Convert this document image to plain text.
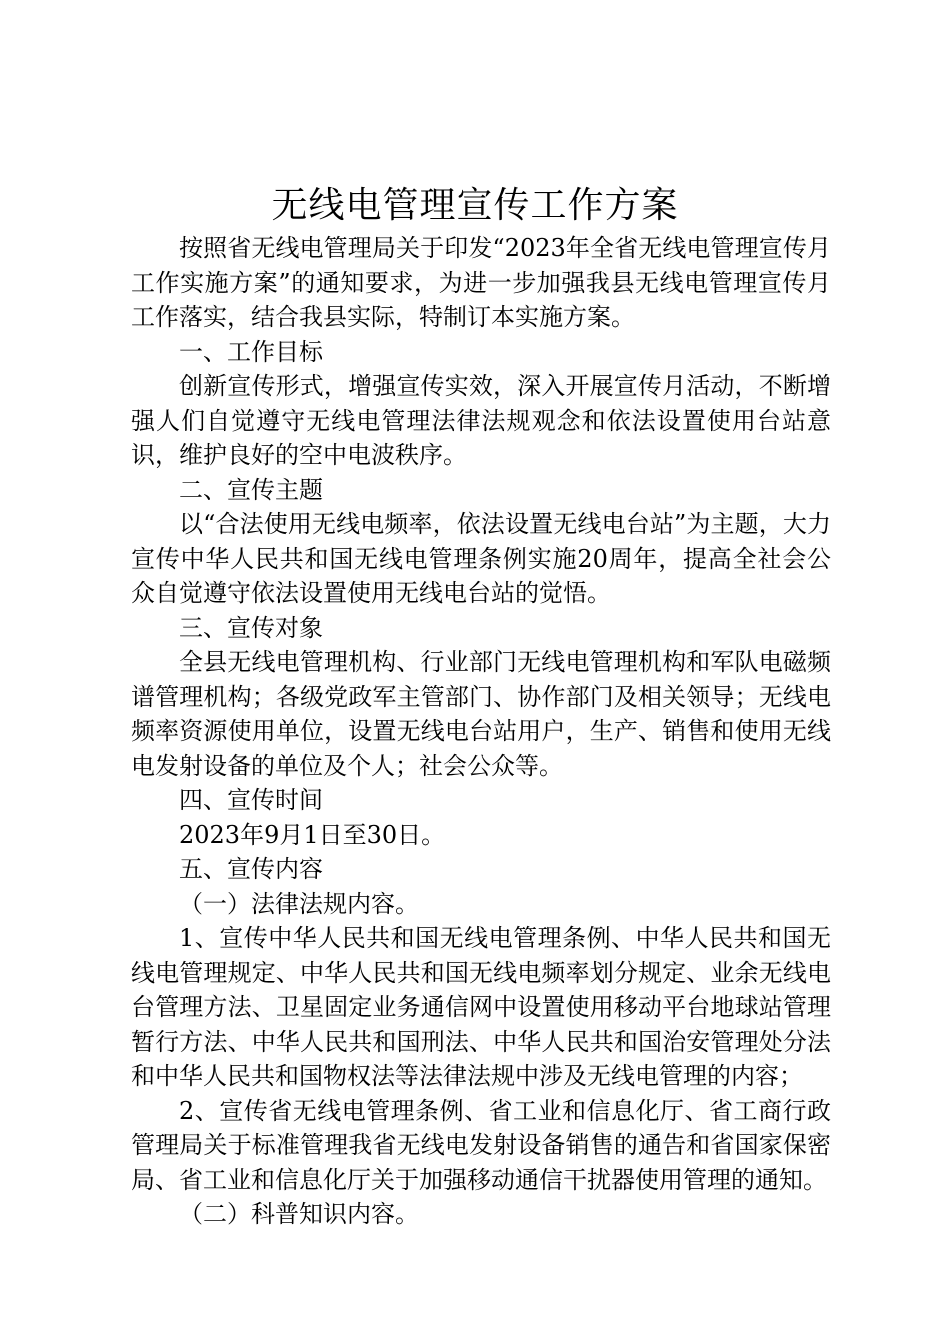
无线电管理宣传工作方案

按照省无线电管理局关于印发“2023年全省无线电管理宣传月工作实施方案”的通知要求，为进一步加强我县无线电管理宣传月工作落实，结合我县实际，特制订本实施方案。

一、工作目标

创新宣传形式，增强宣传实效，深入开展宣传月活动，不断增强人们自觉遵守无线电管理法律法规观念和依法设置使用台站意识，维护良好的空中电波秩序。

二、宣传主题

以“合法使用无线电频率，依法设置无线电台站”为主题，大力宣传中华人民共和国无线电管理条例实施20周年，提高全社会公众自觉遵守依法设置使用无线电台站的觉悟。

三、宣传对象

全县无线电管理机构、行业部门无线电管理机构和军队电磁频谱管理机构；各级党政军主管部门、协作部门及相关领导；无线电频率资源使用单位，设置无线电台站用户，生产、销售和使用无线电发射设备的单位及个人；社会公众等。

四、宣传时间

2023年9月1日至30日。

五、宣传内容

（一）法律法规内容。

1、宣传中华人民共和国无线电管理条例、中华人民共和国无线电管理规定、中华人民共和国无线电频率划分规定、业余无线电台管理方法、卫星固定业务通信网中设置使用移动平台地球站管理暂行方法、中华人民共和国刑法、中华人民共和国治安管理处分法和中华人民共和国物权法等法律法规中涉及无线电管理的内容；

2、宣传省无线电管理条例、省工业和信息化厅、省工商行政管理局关于标准管理我省无线电发射设备销售的通告和省国家保密局、省工业和信息化厅关于加强移动通信干扰器使用管理的通知。

（二）科普知识内容。
